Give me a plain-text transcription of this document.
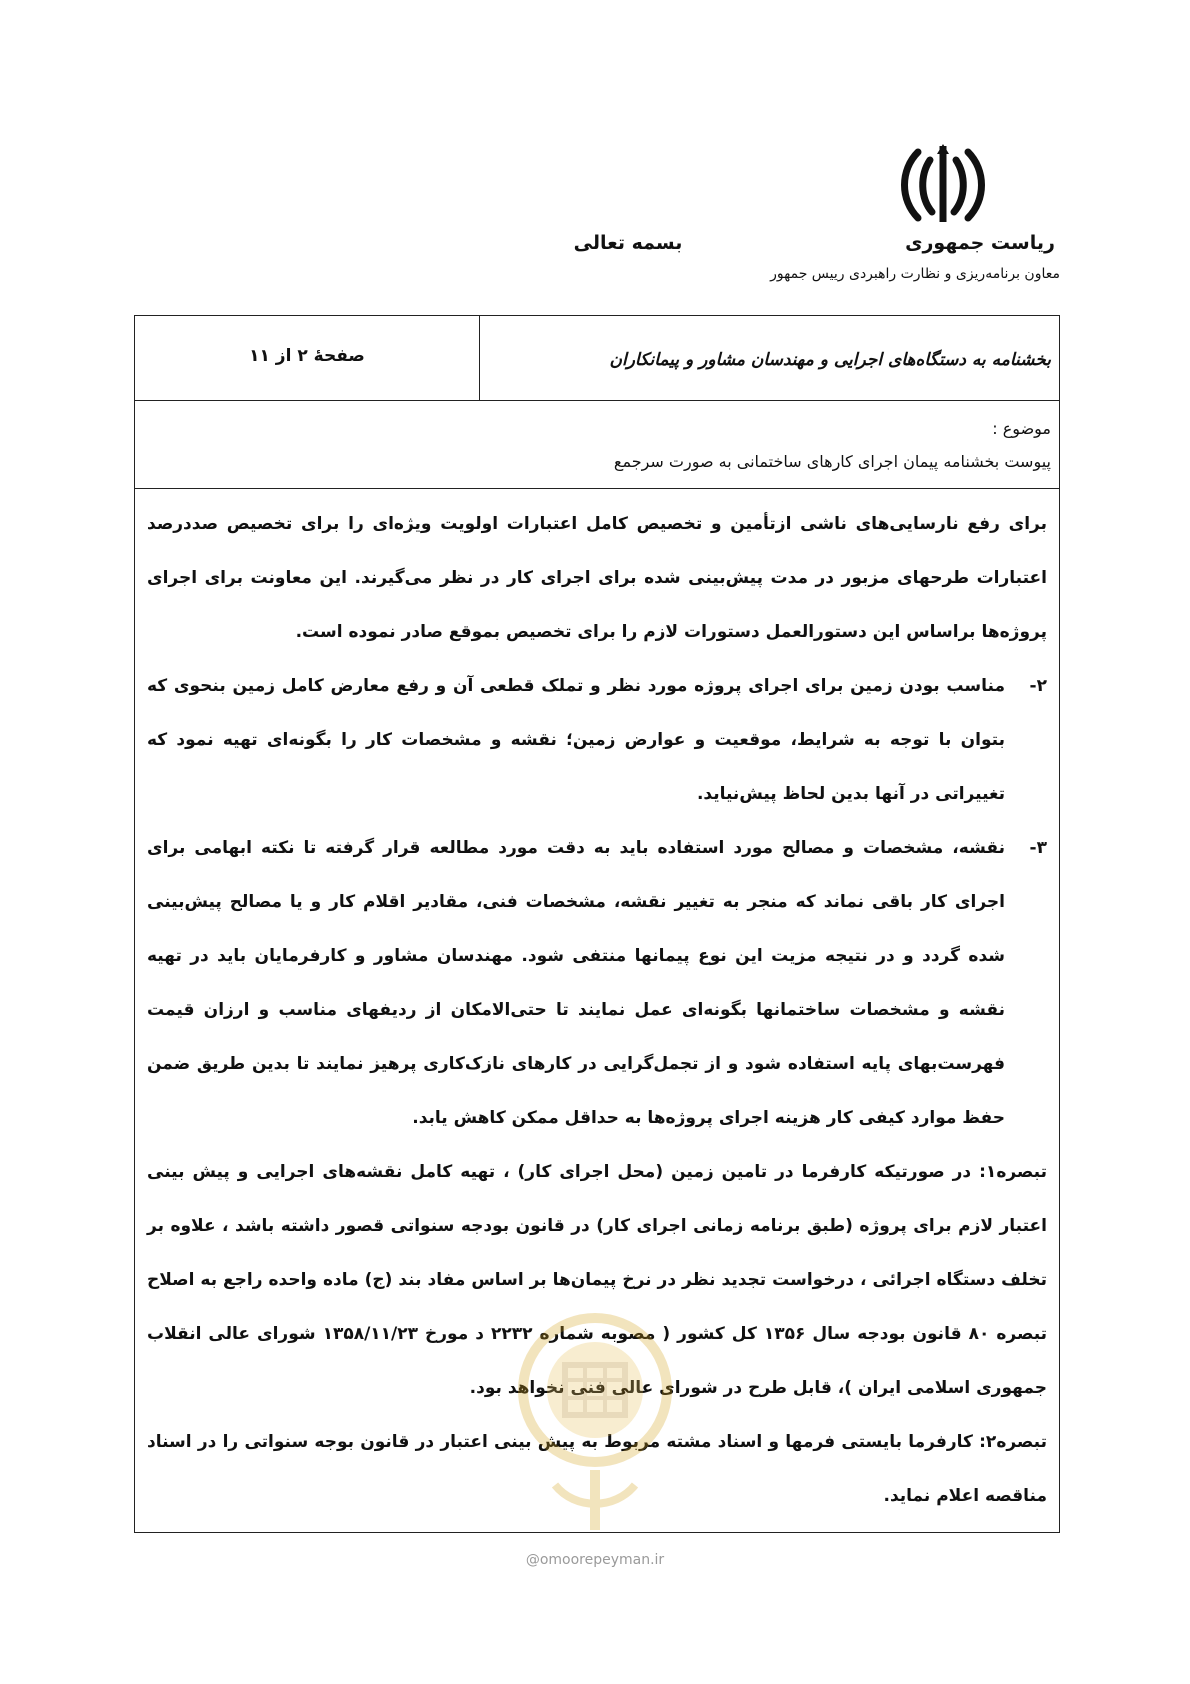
بسمه تعالی	ریاست جمهوری
معاون برنامه‌ریزی و نظارت راهبردی رییس جمهور
صفحهٔ ۲ از ۱۱	بخشنامه به دستگاه‌های اجرایی و مهندسان مشاور و پیمانکاران
موضوع :
پیوست بخشنامه پیمان اجرای کارهای ساختمانی به صورت سرجمع

برای رفع نارسایی‌های ناشی ازتأمین و تخصیص کامل اعتبارات اولویت ویژه‌ای را برای تخصیص صددرصد اعتبارات طرحهای مزبور در مدت پیش‌بینی شده برای اجرای کار در نظر می‌گیرند. این معاونت برای اجرای پروژه‌ها براساس این دستورالعمل دستورات لازم را برای تخصیص بموقع صادر نموده است.

۲-
مناسب بودن زمین برای اجرای پروژه مورد نظر و تملک قطعی آن و رفع معارض کامل زمین بنحوی که بتوان با توجه به شرایط، موقعیت و عوارض زمین؛ نقشه و مشخصات کار را بگونه‌ای تهیه نمود که تغییراتی در آنها بدین لحاظ پیش‌نیاید.
۳-
نقشه، مشخصات و مصالح مورد استفاده باید به دقت مورد مطالعه قرار گرفته تا نکته ابهامی برای اجرای کار باقی نماند که منجر به تغییر نقشه، مشخصات فنی، مقادیر اقلام کار و یا مصالح پیش‌بینی شده گردد و در نتیجه مزیت این نوع پیمانها منتفی شود. مهندسان مشاور و کارفرمایان باید در تهیه نقشه و مشخصات ساختمانها بگونه‌ای عمل نمایند تا حتی‌الامکان از ردیفهای مناسب و ارزان قیمت فهرست‌بهای پایه استفاده شود و از تجمل‌گرایی در کارهای نازک‌کاری پرهیز نمایند تا بدین طریق ضمن حفظ موارد کیفی کار هزینه اجرای پروژه‌ها به حداقل ممکن کاهش یابد.

تبصره۱: در صورتیکه کارفرما در تامین زمین (محل اجرای کار) ، تهیه کامل نقشه‌های اجرایی و پیش بینی اعتبار لازم برای پروژه (طبق برنامه زمانی اجرای کار) در قانون بودجه سنواتی قصور داشته باشد ، علاوه بر تخلف دستگاه اجرائی ، درخواست تجدید نظر در نرخ پیمان‌ها بر اساس مفاد بند (ج) ماده واحده راجع به اصلاح تبصره ۸۰ قانون بودجه سال ۱۳۵۶ کل کشور ( مصوبه شماره ۲۲۳۲ د مورخ ۱۳۵۸/۱۱/۲۳ شورای عالی انقلاب جمهوری اسلامی ایران )، قابل طرح در شورای عالی فنی نخواهد بود.

تبصره۲: کارفرما بایستی فرمها و اسناد مشته مربوط به پیش بینی اعتبار در قانون بوجه سنواتی را در اسناد مناقصه اعلام نماید.

@omoorepeyman.ir
